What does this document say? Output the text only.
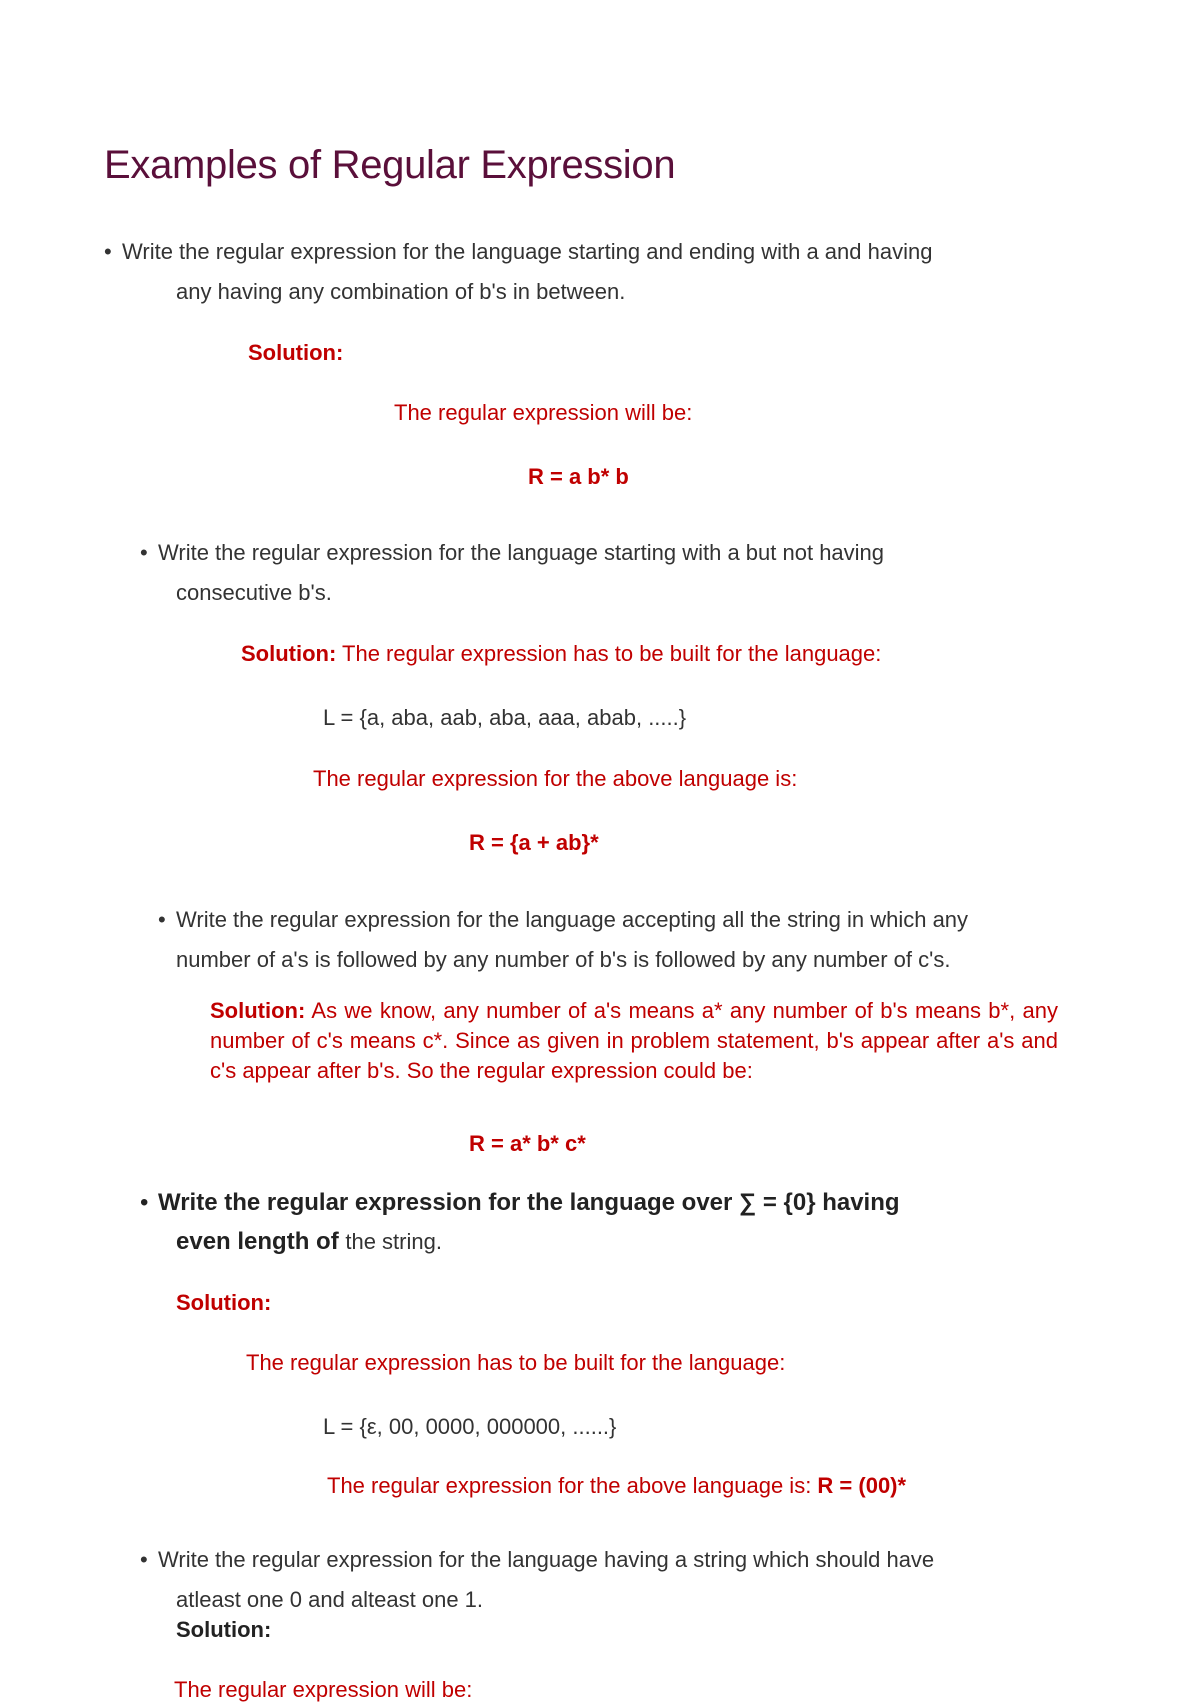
Examples of Regular Expression
• Write the regular expression for the language starting and ending with a and having
any having any combination of b's in between.
Solution:
The regular expression will be:
R = a b* b
• Write the regular expression for the language starting with a but not having
consecutive b's.
Solution: The regular expression has to be built for the language:
L = {a, aba, aab, aba, aaa, abab, .....}
The regular expression for the above language is:
R = {a + ab}*
• Write the regular expression for the language accepting all the string in which any
number of a's is followed by any number of b's is followed by any number of c's.
Solution: As we know, any number of a's means a* any number of b's means b*, any number of c's means c*. Since as given in problem statement, b's appear after a's and c's appear after b's. So the regular expression could be:
R = a* b* c*
• Write the regular expression for the language over ∑ = {0} having
even length of the string.
Solution:
The regular expression has to be built for the language:
L = {ε, 00, 0000, 000000, ......}
The regular expression for the above language is: R = (00)*
• Write the regular expression for the language having a string which should have
atleast one 0 and alteast one 1.
Solution:
The regular expression will be:
